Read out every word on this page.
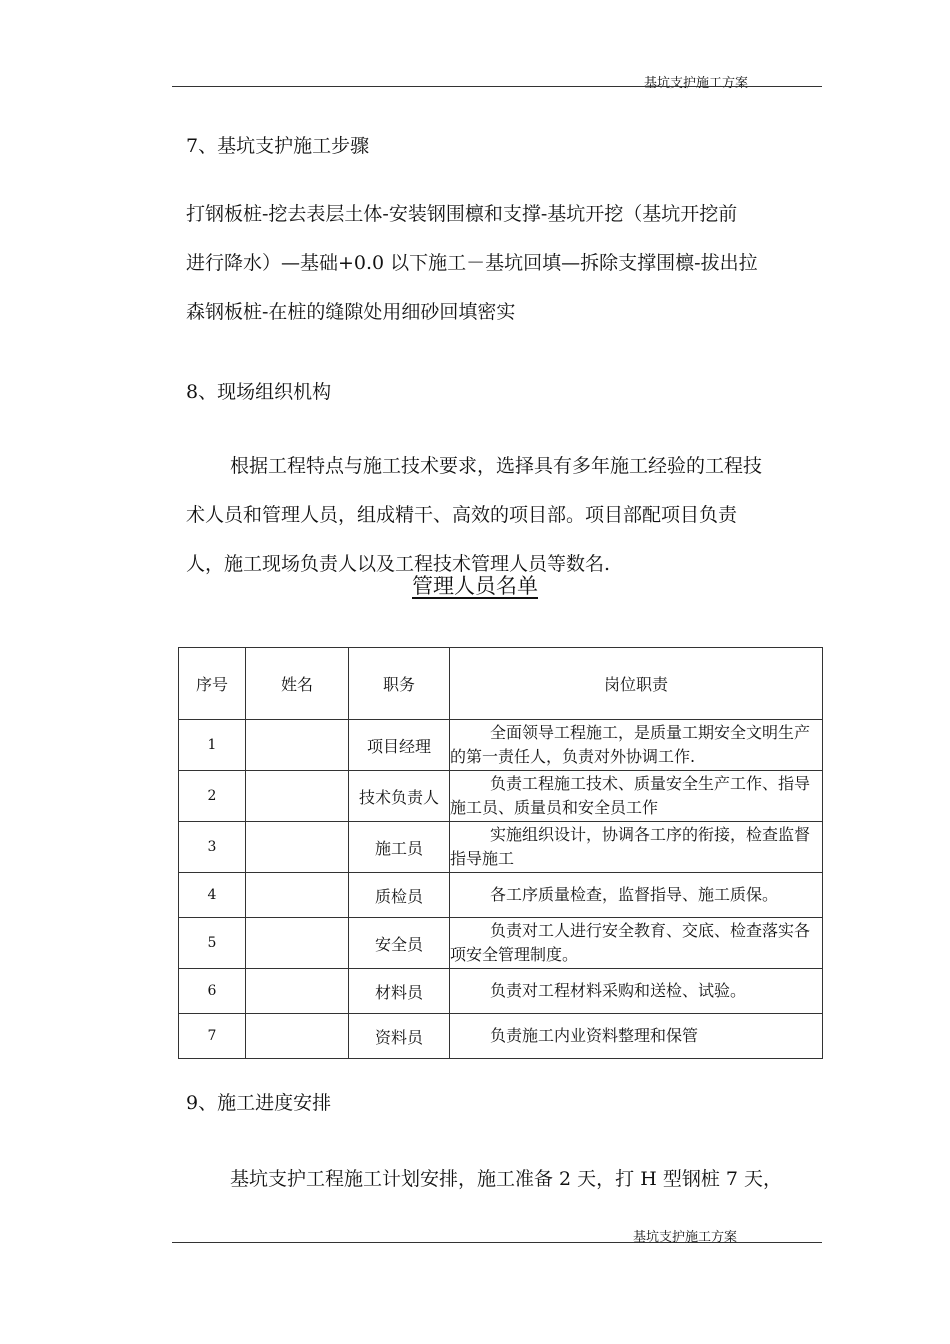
基坑支护施工方案
7、基坑支护施工步骤
打钢板桩-挖去表层土体-安装钢围檩和支撑-基坑开挖（基坑开挖前
进行降水）—基础+0.0 以下施工－基坑回填—拆除支撑围檩-拔出拉
森钢板桩-在桩的缝隙处用细砂回填密实
8、现场组织机构
根据工程特点与施工技术要求，选择具有多年施工经验的工程技
术人员和管理人员，组成精干、高效的项目部。项目部配项目负责
人，施工现场负责人以及工程技术管理人员等数名.
管理人员名单
序号	姓名	职务	岗位职责
1		项目经理	全面领导工程施工，是质量工期安全文明生产的第一责任人，负责对外协调工作.

2		技术负责人	负责工程施工技术、质量安全生产工作、指导施工员、质量员和安全员工作

3		施工员	实施组织设计，协调各工序的衔接，检查监督指导施工

4		质检员	各工序质量检查，监督指导、施工质保。

5		安全员	负责对工人进行安全教育、交底、检查落实各项安全管理制度。

6		材料员	负责对工程材料采购和送检、试验。

7		资料员	负责施工内业资料整理和保管
9、施工进度安排
基坑支护工程施工计划安排，施工准备 2 天，打 H 型钢桩 7 天，
基坑支护施工方案
